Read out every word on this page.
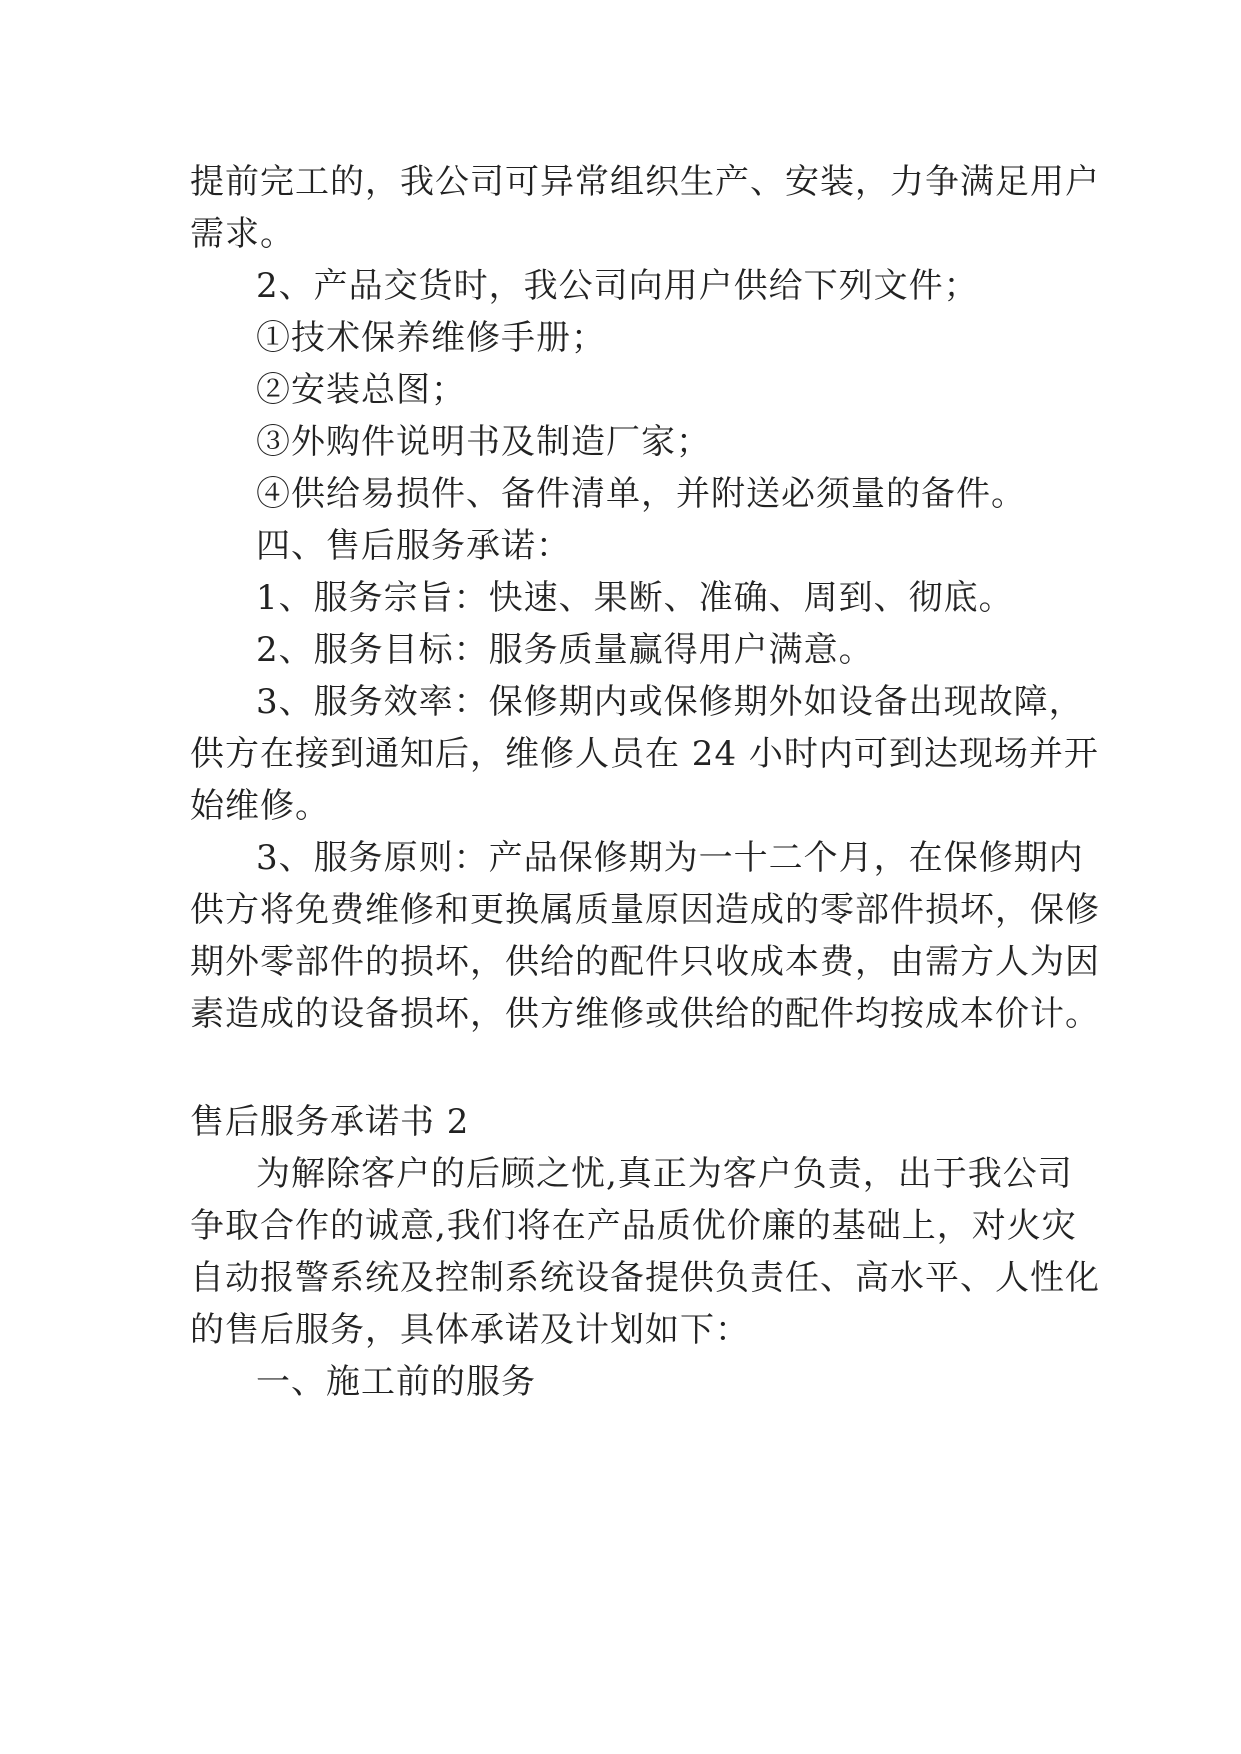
提前完工的，我公司可异常组织生产、安装，力争满足用户
需求。
2、产品交货时，我公司向用户供给下列文件；
①技术保养维修手册；
②安装总图；
③外购件说明书及制造厂家；
④供给易损件、备件清单，并附送必须量的备件。
四、售后服务承诺：
1、服务宗旨：快速、果断、准确、周到、彻底。
2、服务目标：服务质量赢得用户满意。
3、服务效率：保修期内或保修期外如设备出现故障，
供方在接到通知后，维修人员在 24 小时内可到达现场并开
始维修。
3、服务原则：产品保修期为一十二个月，在保修期内
供方将免费维修和更换属质量原因造成的零部件损坏，保修
期外零部件的损坏，供给的配件只收成本费，由需方人为因
素造成的设备损坏，供方维修或供给的配件均按成本价计。
售后服务承诺书 2
为解除客户的后顾之忧,真正为客户负责，出于我公司
争取合作的诚意,我们将在产品质优价廉的基础上，对火灾
自动报警系统及控制系统设备提供负责任、高水平、人性化
的售后服务，具体承诺及计划如下：
一、施工前的服务
